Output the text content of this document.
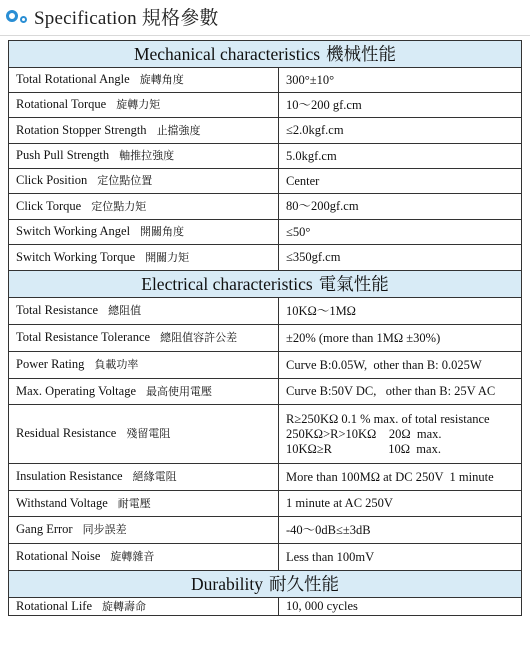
Specification 規格參數
Mechanical characteristics 機械性能	
Total Rotational Angle 旋轉角度	300°±10°

Rotational Torque 旋轉力矩	10～200 gf.cm

Rotation Stopper Strength 止擋強度	≤2.0kgf.cm

Push Pull Strength 軸推拉強度	5.0kgf.cm

Click Position 定位點位置	Center

Click Torque 定位點力矩	80～200gf.cm

Switch Working Angel 開關角度	≤50°

Switch Working Torque 開關力矩	≤350gf.cm

Electrical characteristics 電氣性能	
Total Resistance 總阻值	10KΩ～1MΩ

Total Resistance Tolerance 總阻值容許公差	±20% (more than 1MΩ ±30%)

Power Rating 負載功率	Curve B:0.05W,  other than B: 0.025W

Max. Operating Voltage 最高使用電壓	Curve B:50V DC,   other than B: 25V AC

Residual Resistance 殘留電阻	R≥250KΩ 0.1 % max. of total resistance
250KΩ>R>10KΩ    20Ω  max.
10KΩ≥R                  10Ω  max.

Insulation Resistance 絕緣電阻	More than 100MΩ at DC 250V  1 minute

Withstand Voltage 耐電壓	1 minute at AC 250V

Gang Error 同步誤差	-40～0dB≤±3dB

Rotational Noise 旋轉雜音	Less than 100mV

Durability 耐久性能	
Rotational Life 旋轉壽命	10, 000 cycles
